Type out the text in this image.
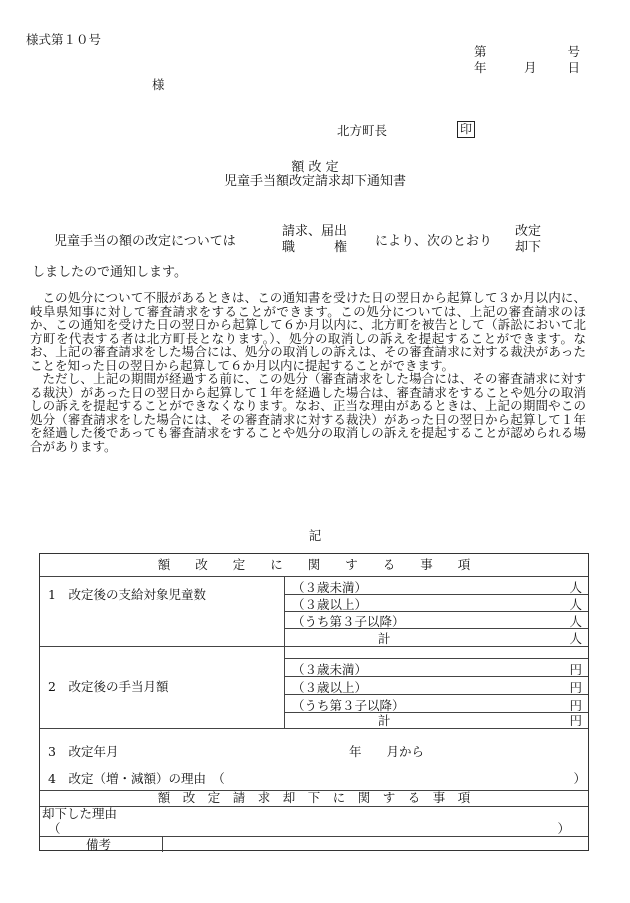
様式第１０号
第	号
年	月 日
様
北方町長	印
額 改 定
児童手当額改定請求却下通知書
児童手当の額の改定については
請求、届出
職　　　権 により、次のとおり
改定
却下
しましたので通知します。

この処分について不服があるときは、この通知書を受けた日の翌日から起算して３か月以内に、岐阜県知事に対して審査請求をすることができます。この処分については、上記の審査請求のほか、この通知を受けた日の翌日から起算して６か月以内に、北方町を被告として（訴訟において北方町を代表する者は北方町長となります。）、処分の取消しの訴えを提起することができます。なお、上記の審査請求をした場合には、処分の取消しの訴えは、その審査請求に対する裁決があったことを知った日の翌日から起算して６か月以内に提起することができます。

ただし、上記の期間が経過する前に、この処分（審査請求をした場合には、その審査請求に対する裁決）があった日の翌日から起算して１年を経過した場合は、審査請求をすることや処分の取消しの訴えを提起することができなくなります。なお、正当な理由があるときは、上記の期間やこの処分（審査請求をした場合には、その審査請求に対する裁決）があった日の翌日から起算して１年を経過した後であっても審査請求をすることや処分の取消しの訴えを提起することが認められる場合があります。

記
額　　改　　定　　に　　関　　す　　る　　事　　項
1　改定後の支給対象児童数	（３歳未満）	人
（３歳以上）	人
（うち第３子以降）	人
計	人
2　改定後の手当月額
（３歳未満）	円
（３歳以上）	円
（うち第３子以降）	円
計	円
3　改定年月	年　　月から
4　改定（増・減額）の理由　（	）
額　改　定　請　求　却　下　に　関　す　る　事　項
却下した理由
（	）
備考
